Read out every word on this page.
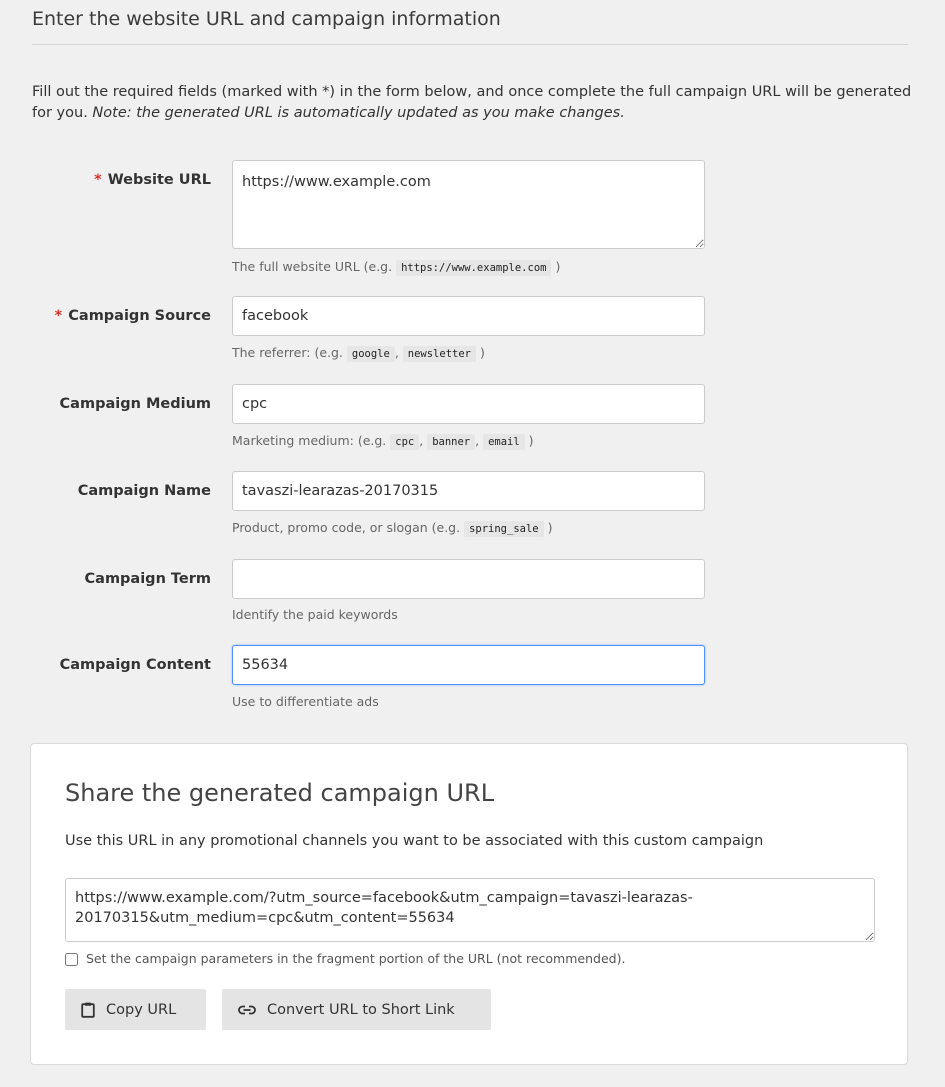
Enter the website URL and campaign information
Fill out the required fields (marked with *) in the form below, and once complete the full campaign URL will be generated for you. Note: the generated URL is automatically updated as you make changes.
* Website URL
https://www.example.com
The full website URL (e.g. https://www.example.com )
* Campaign Source
facebook
The referrer: (e.g. google , newsletter )
Campaign Medium
cpc
Marketing medium: (e.g. cpc , banner , email )
Campaign Name
tavaszi-learazas-20170315
Product, promo code, or slogan (e.g. spring_sale )
Campaign Term
Identify the paid keywords
Campaign Content
55634
Use to differentiate ads
Share the generated campaign URL
Use this URL in any promotional channels you want to be associated with this custom campaign
https://www.example.com/?utm_source=facebook&utm_campaign=tavaszi-learazas-20170315&utm_medium=cpc&utm_content=55634
Set the campaign parameters in the fragment portion of the URL (not recommended).
Copy URL	Convert URL to Short Link
